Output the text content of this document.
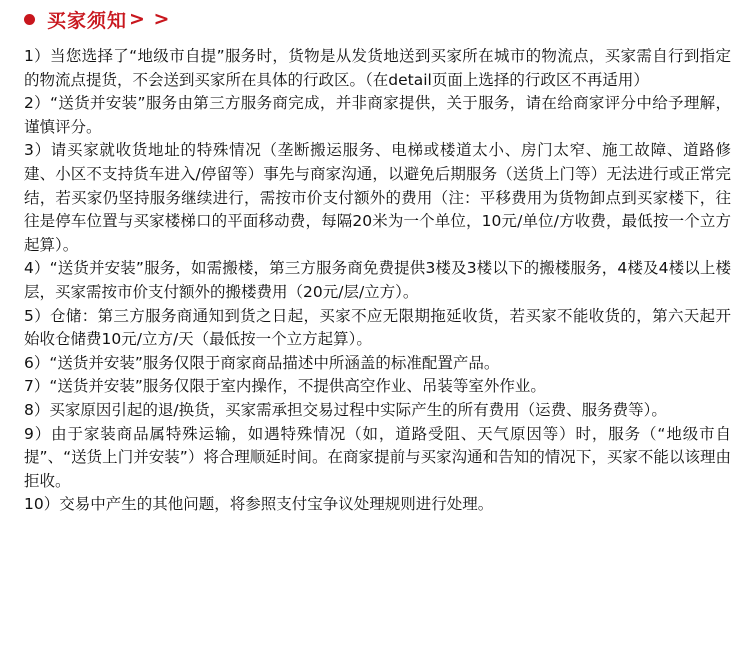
买家须知 > >
1）当您选择了“地级市自提”服务时，货物是从发货地送到买家所在城市的物流点，买家需自行到指定的物流点提货，不会送到买家所在具体的行政区。（在detail页面上选择的行政区不再适用）
2）“送货并安装”服务由第三方服务商完成，并非商家提供，关于服务，请在给商家评分中给予理解，谨慎评分。
3）请买家就收货地址的特殊情况（垄断搬运服务、电梯或楼道太小、房门太窄、施工故障、道路修建、小区不支持货车进入/停留等）事先与商家沟通，以避免后期服务（送货上门等）无法进行或正常完结，若买家仍坚持服务继续进行，需按市价支付额外的费用（注：平移费用为货物卸点到买家楼下，往往是停车位置与买家楼梯口的平面移动费，每隔20米为一个单位，10元/单位/方收费，最低按一个立方起算）。
4）“送货并安装”服务，如需搬楼，第三方服务商免费提供3楼及3楼以下的搬楼服务，4楼及4楼以上楼层，买家需按市价支付额外的搬楼费用（20元/层/立方）。
5）仓储：第三方服务商通知到货之日起，买家不应无限期拖延收货，若买家不能收货的，第六天起开始收仓储费10元/立方/天（最低按一个立方起算）。
6）“送货并安装”服务仅限于商家商品描述中所涵盖的标准配置产品。
7）“送货并安装”服务仅限于室内操作，不提供高空作业、吊装等室外作业。
8）买家原因引起的退/换货，买家需承担交易过程中实际产生的所有费用（运费、服务费等）。
9）由于家装商品属特殊运输，如遇特殊情况（如，道路受阻、天气原因等）时，服务（“地级市自提”、“送货上门并安装”）将合理顺延时间。在商家提前与买家沟通和告知的情况下，买家不能以该理由拒收。
10）交易中产生的其他问题，将参照支付宝争议处理规则进行处理。
